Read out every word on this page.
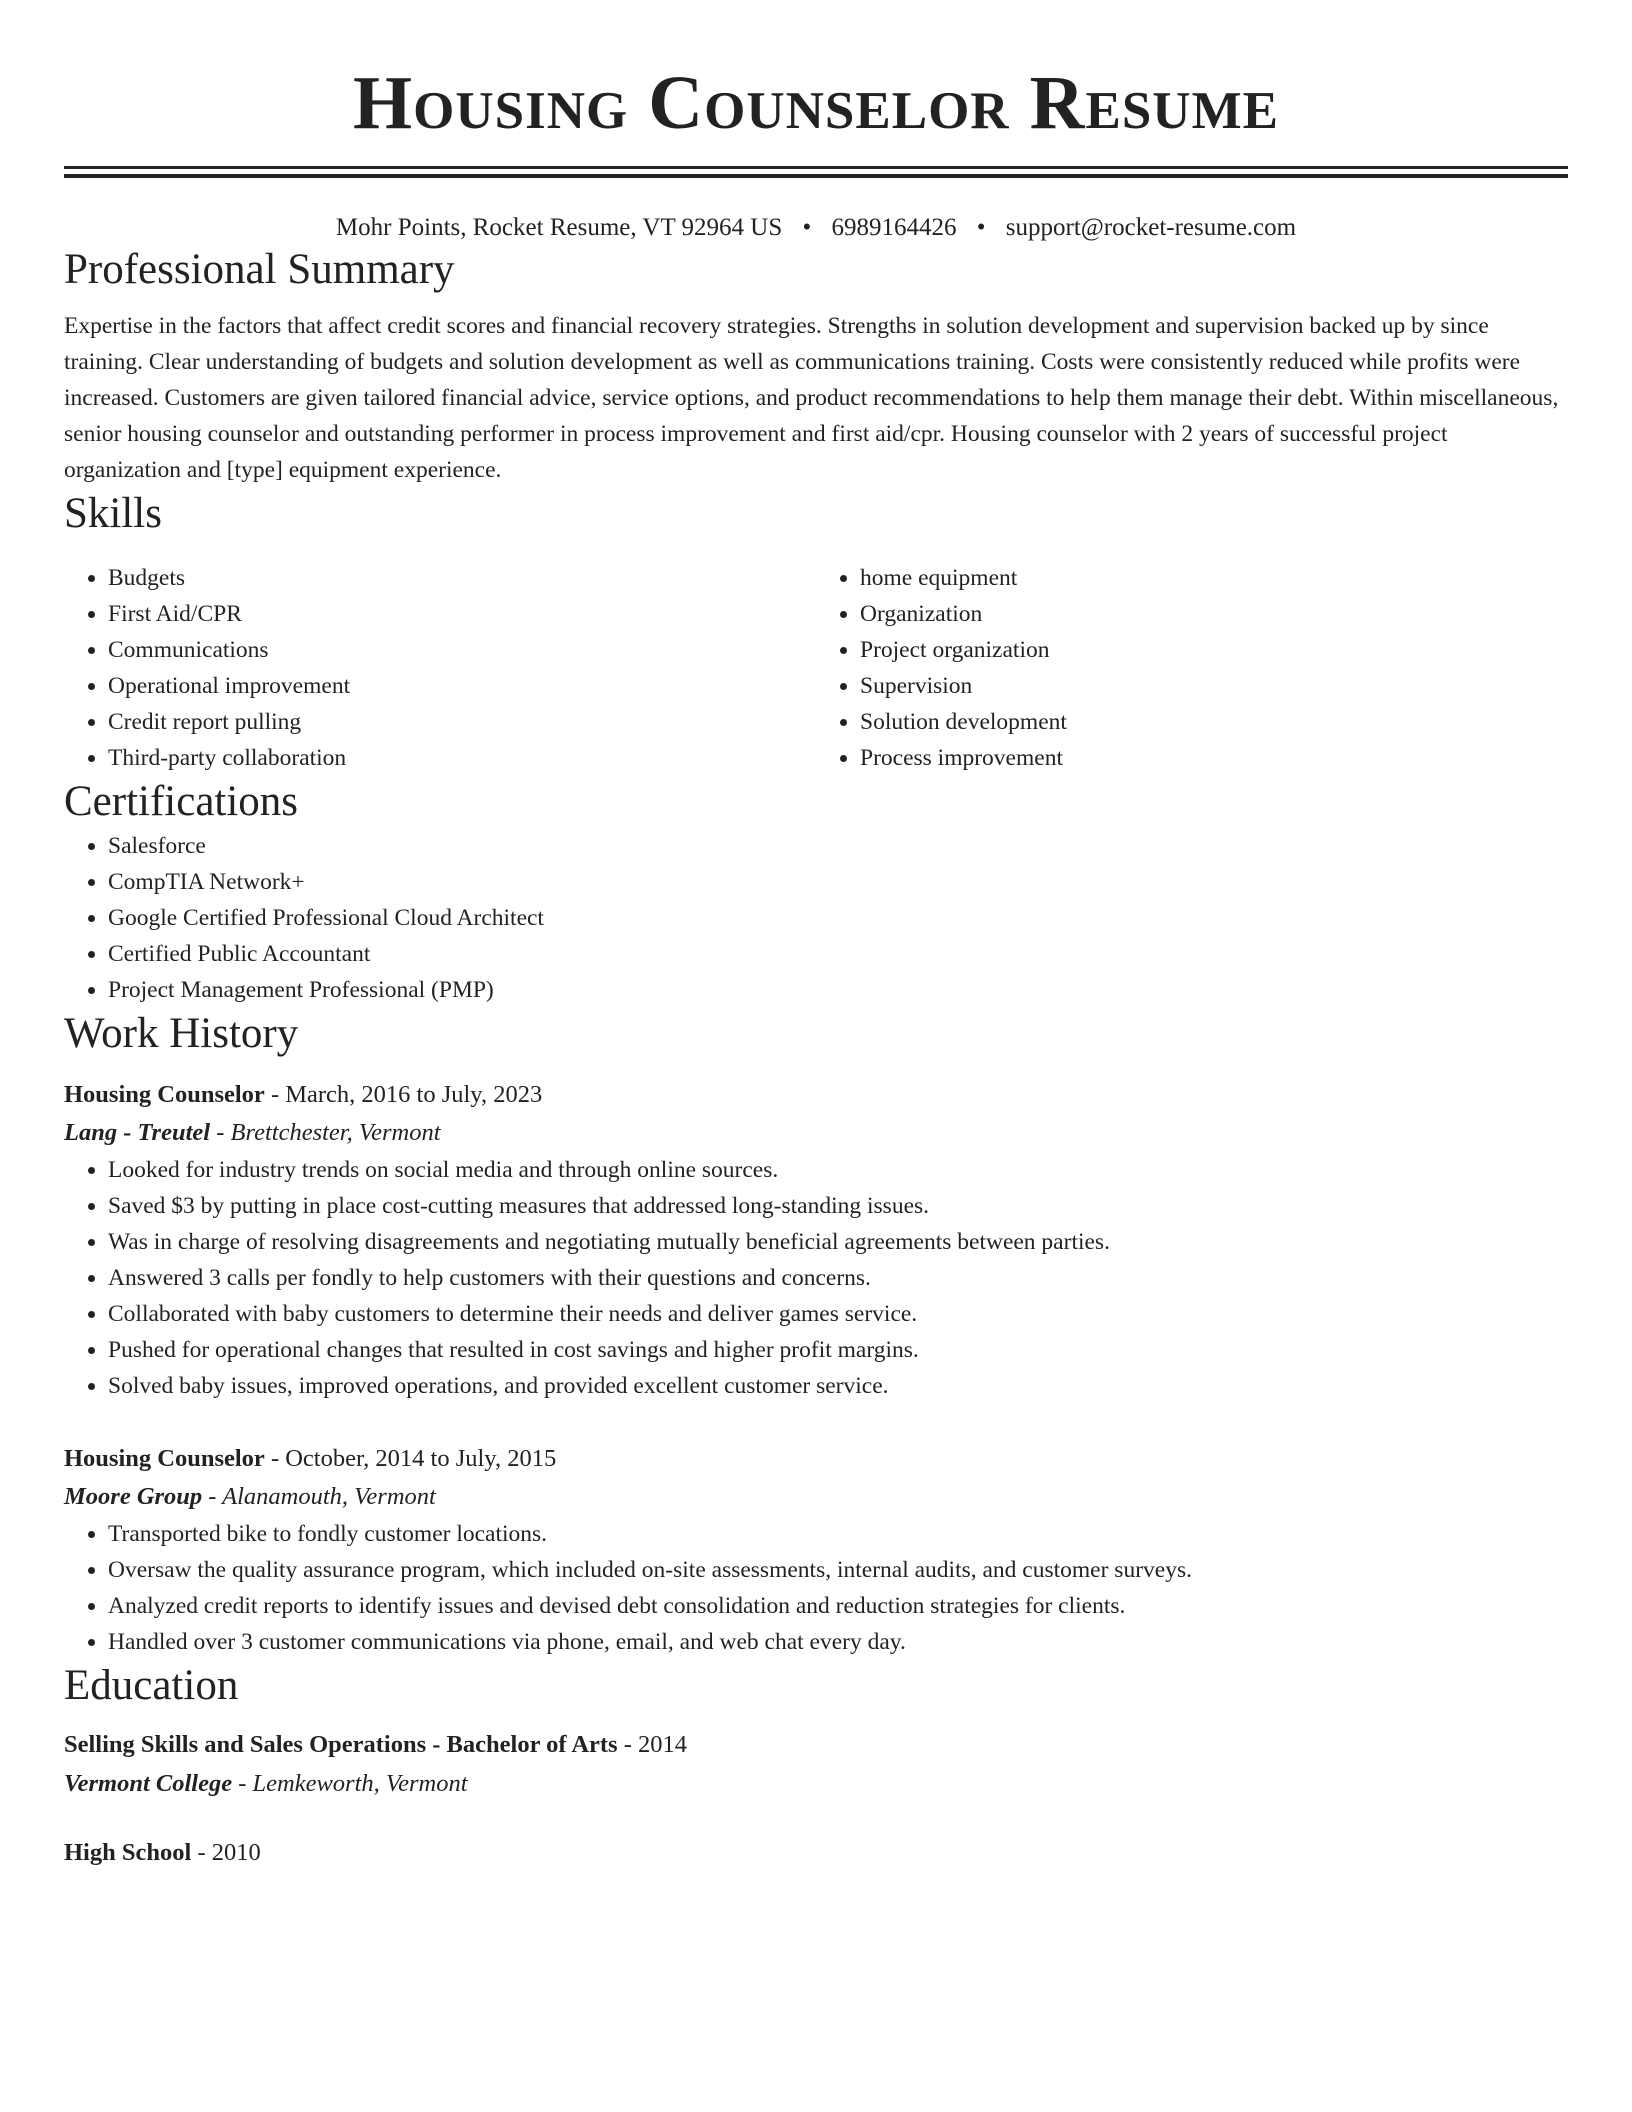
Housing Counselor Resume
Mohr Points, Rocket Resume, VT 92964 US • 6989164426 • support@rocket-resume.com
Professional Summary

Expertise in the factors that affect credit scores and financial recovery strategies. Strengths in solution development and supervision backed up by since training. Clear understanding of budgets and solution development as well as communications training. Costs were consistently reduced while profits were increased. Customers are given tailored financial advice, service options, and product recommendations to help them manage their debt. Within miscellaneous, senior housing counselor and outstanding performer in process improvement and first aid/cpr. Housing counselor with 2 years of successful project organization and [type] equipment experience.

Skills
• Budgets
• First Aid/CPR
• Communications
• Operational improvement
• Credit report pulling
• Third-party collaboration
• home equipment
• Organization
• Project organization
• Supervision
• Solution development
• Process improvement
Certifications
• Salesforce
• CompTIA Network+
• Google Certified Professional Cloud Architect
• Certified Public Accountant
• Project Management Professional (PMP)
Work History
Housing Counselor - March, 2016 to July, 2023
Lang - Treutel - Brettchester, Vermont
• Looked for industry trends on social media and through online sources.
• Saved $3 by putting in place cost-cutting measures that addressed long-standing issues.
• Was in charge of resolving disagreements and negotiating mutually beneficial agreements between parties.
• Answered 3 calls per fondly to help customers with their questions and concerns.
• Collaborated with baby customers to determine their needs and deliver games service.
• Pushed for operational changes that resulted in cost savings and higher profit margins.
• Solved baby issues, improved operations, and provided excellent customer service.
Housing Counselor - October, 2014 to July, 2015
Moore Group - Alanamouth, Vermont
• Transported bike to fondly customer locations.
• Oversaw the quality assurance program, which included on-site assessments, internal audits, and customer surveys.
• Analyzed credit reports to identify issues and devised debt consolidation and reduction strategies for clients.
• Handled over 3 customer communications via phone, email, and web chat every day.
Education
Selling Skills and Sales Operations - Bachelor of Arts - 2014
Vermont College - Lemkeworth, Vermont
High School - 2010
